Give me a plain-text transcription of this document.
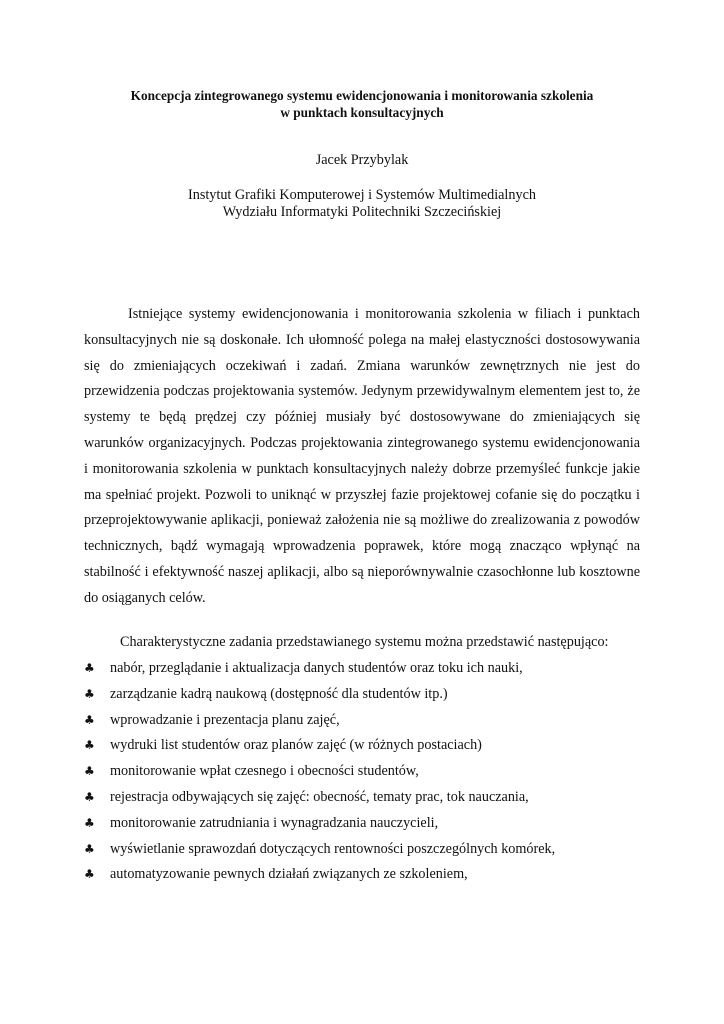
Koncepcja zintegrowanego systemu ewidencjonowania i monitorowania szkolenia
w punktach konsultacyjnych
Jacek Przybylak
Instytut Grafiki Komputerowej i Systemów Multimedialnych
Wydziału Informatyki Politechniki Szczecińskiej

Istniejące systemy ewidencjonowania i monitorowania szkolenia w filiach i punktach konsultacyjnych nie są doskonałe. Ich ułomność polega na małej elastyczności dostosowywania się do zmieniających oczekiwań i zadań. Zmiana warunków zewnętrznych nie jest do przewidzenia podczas projektowania systemów. Jedynym przewidywalnym elementem jest to, że systemy te będą prędzej czy później musiały być dostosowywane do zmieniających się warunków organizacyjnych. Podczas projektowania zintegrowanego systemu ewidencjonowania i monitorowania szkolenia w punktach konsultacyjnych należy dobrze przemyśleć funkcje jakie ma spełniać projekt. Pozwoli to uniknąć w przyszłej fazie projektowej cofanie się do początku i przeprojektowywanie aplikacji, ponieważ założenia nie są możliwe do zrealizowania z powodów technicznych, bądź wymagają wprowadzenia poprawek, które mogą znacząco wpłynąć na stabilność i efektywność naszej aplikacji, albo są nieporównywalnie czasochłonne lub kosztowne do osiąganych celów.

Charakterystyczne zadania przedstawianego systemu można przedstawić następująco:

♣ nabór, przeglądanie i aktualizacja danych studentów oraz toku ich nauki,
♣ zarządzanie kadrą naukową (dostępność dla studentów itp.)
♣ wprowadzanie i prezentacja planu zajęć,
♣ wydruki list studentów oraz planów zajęć (w różnych postaciach)
♣ monitorowanie wpłat czesnego i obecności studentów,
♣ rejestracja odbywających się zajęć: obecność, tematy prac, tok nauczania,
♣ monitorowanie zatrudniania i wynagradzania nauczycieli,
♣ wyświetlanie sprawozdań dotyczących rentowności poszczególnych komórek,
♣ automatyzowanie pewnych działań związanych ze szkoleniem,
